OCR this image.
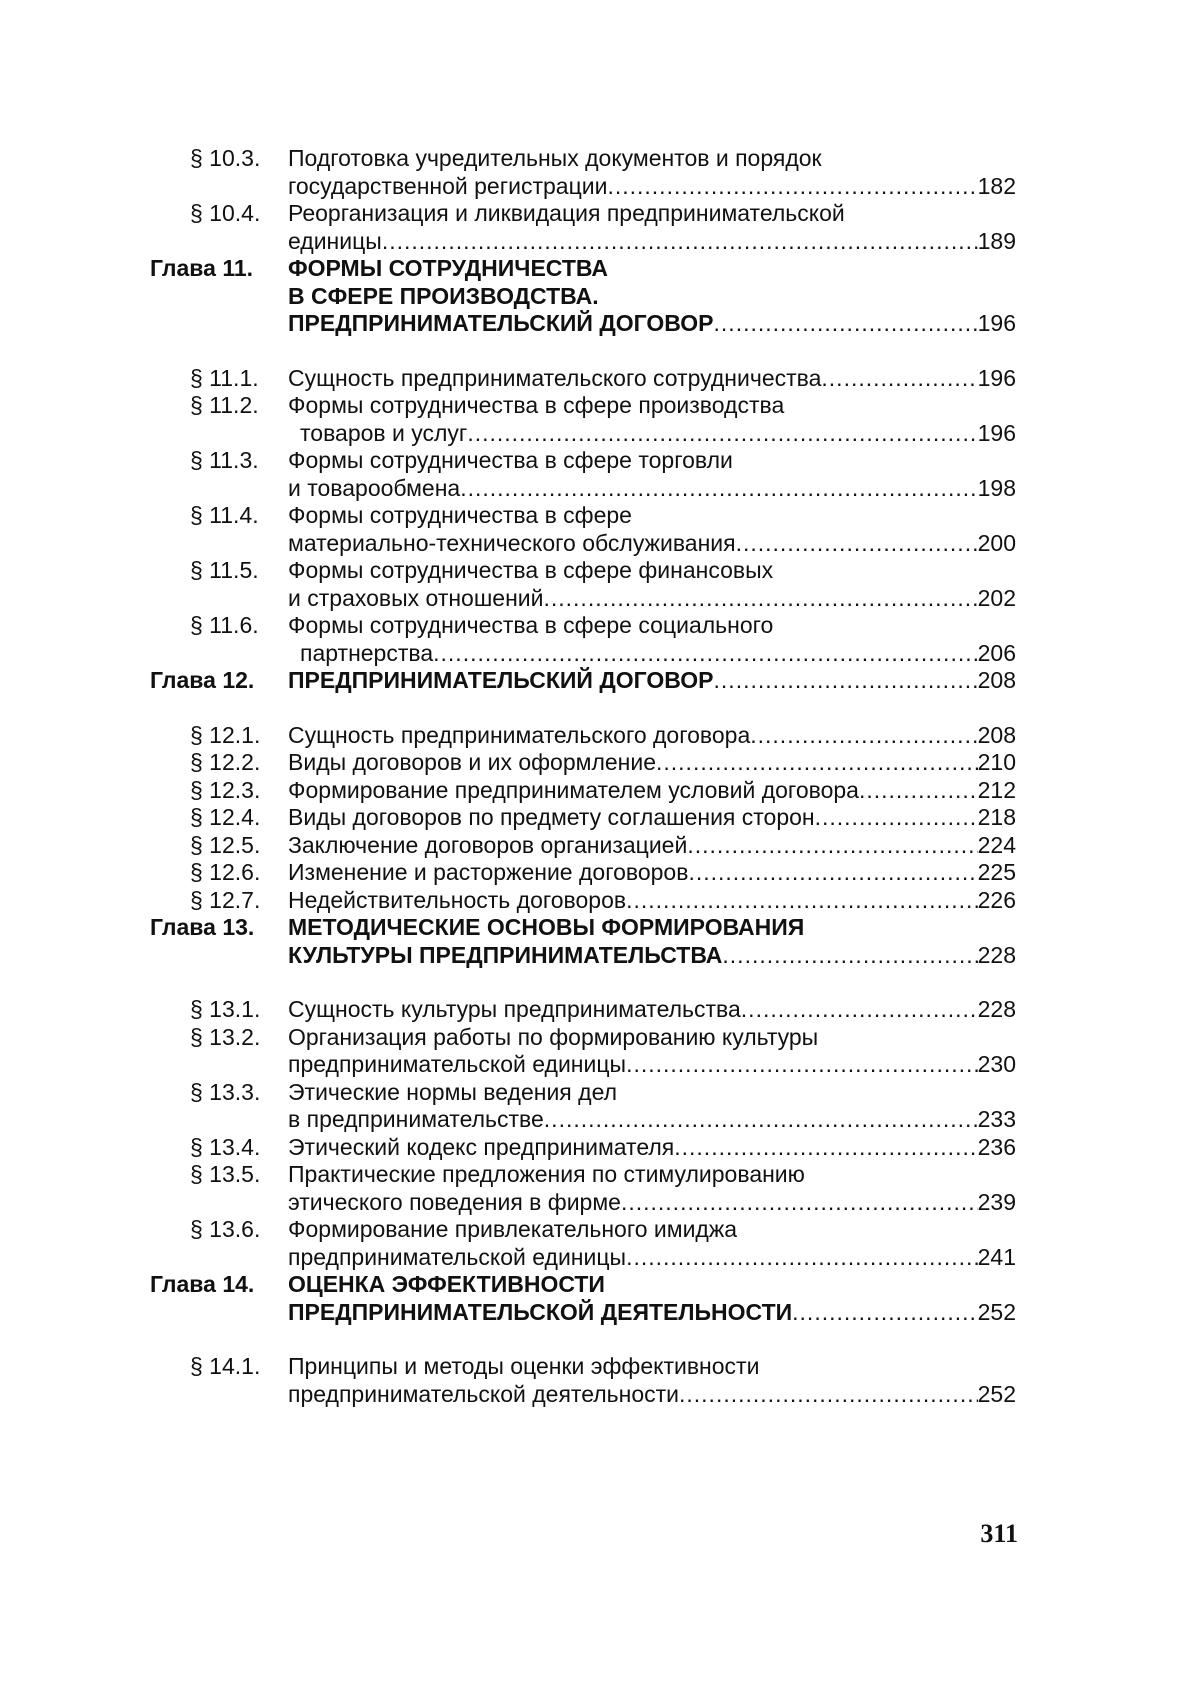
§ 10.3.	Подготовка учредительных документов и порядок
государственной регистрации .....	182
§ 10.4.	Реорганизация и ликвидация предпринимательской
единицы .....	189
Глава 11.	ФОРМЫ СОТРУДНИЧЕСТВА
В СФЕРЕ ПРОИЗВОДСТВА.
ПРЕДПРИНИМАТЕЛЬСКИЙ ДОГОВОР .....	196
§ 11.1.	Сущность предпринимательского сотрудничества .....	196
§ 11.2.	Формы сотрудничества в сфере производства
товаров и услуг .....	196
§ 11.3.	Формы сотрудничества в сфере торговли
и товарообмена .....	198
§ 11.4.	Формы сотрудничества в сфере
материально-технического обслуживания .....	200
§ 11.5.	Формы сотрудничества в сфере финансовых
и страховых отношений .....	202
§ 11.6.	Формы сотрудничества в сфере социального
партнерства .....	206
Глава 12.	ПРЕДПРИНИМАТЕЛЬСКИЙ ДОГОВОР .....	208
§ 12.1.	Сущность предпринимательского договора .....	208
§ 12.2.	Виды договоров и их оформление .....	210
§ 12.3.	Формирование предпринимателем условий договора .....	212
§ 12.4.	Виды договоров по предмету соглашения сторон .....	218
§ 12.5.	Заключение договоров организацией .....	224
§ 12.6.	Изменение и расторжение договоров .....	225
§ 12.7.	Недействительность договоров .....	226
Глава 13.	МЕТОДИЧЕСКИЕ ОСНОВЫ ФОРМИРОВАНИЯ
КУЛЬТУРЫ ПРЕДПРИНИМАТЕЛЬСТВА .....	228
§ 13.1.	Сущность культуры предпринимательства .....	228
§ 13.2.	Организация работы по формированию культуры
предпринимательской единицы .....	230
§ 13.3.	Этические нормы ведения дел
в предпринимательстве .....	233
§ 13.4.	Этический кодекс предпринимателя .....	236
§ 13.5.	Практические предложения по стимулированию
этического поведения в фирме .....	239
§ 13.6.	Формирование привлекательного имиджа
предпринимательской единицы .....	241
Глава 14.	ОЦЕНКА ЭФФЕКТИВНОСТИ
ПРЕДПРИНИМАТЕЛЬСКОЙ ДЕЯТЕЛЬНОСТИ .....	252
§ 14.1.	Принципы и методы оценки эффективности
предпринимательской деятельности .....	252
311
